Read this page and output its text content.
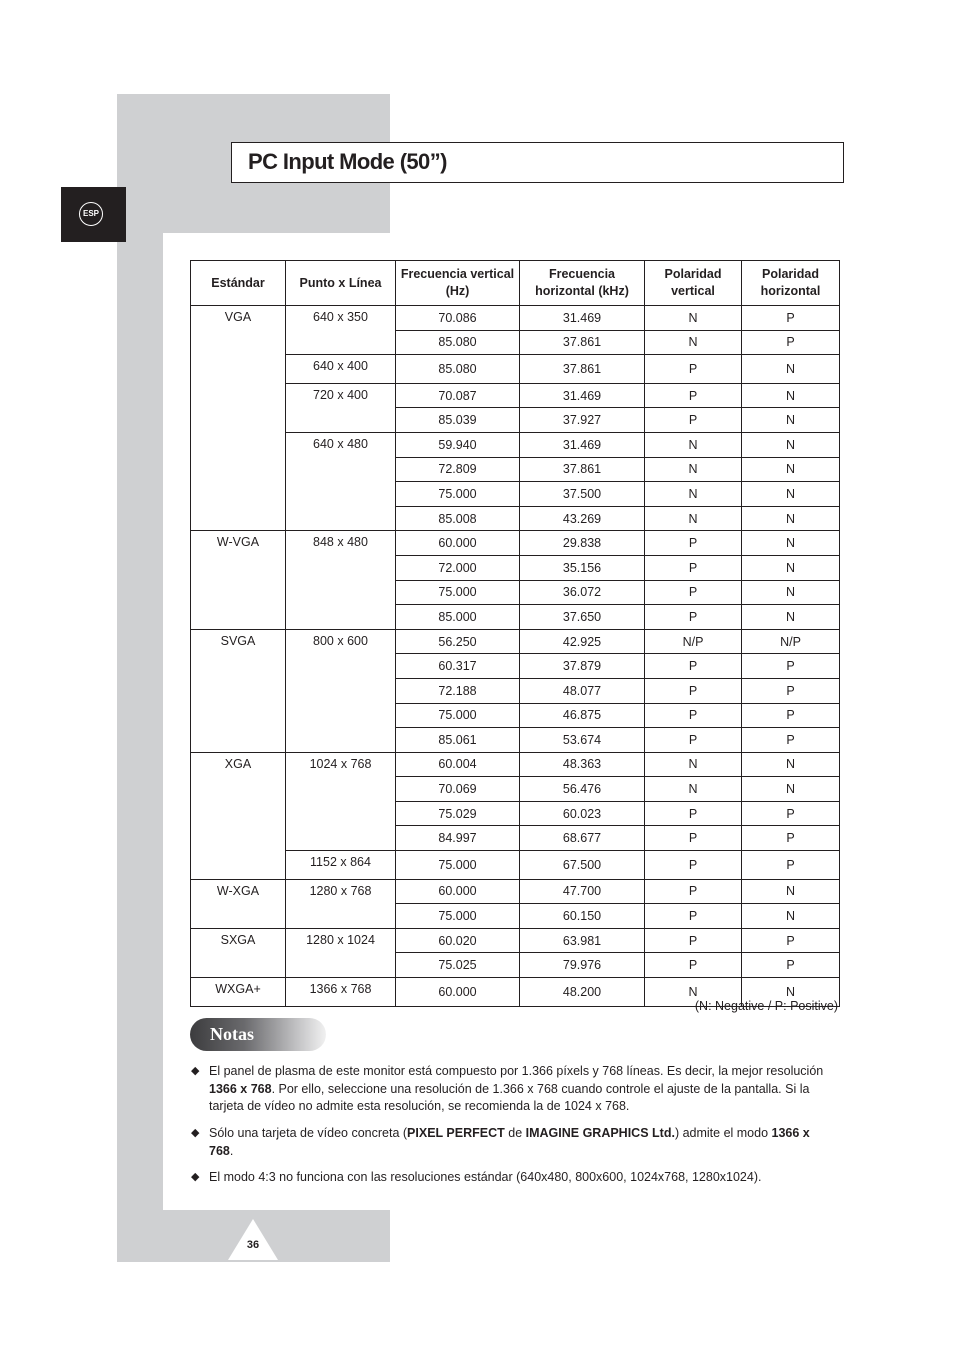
ESP
PC Input Mode (50”)
Estándar	Punto x Línea	Frecuencia vertical (Hz)	Frecuencia horizontal (kHz)	Polaridad vertical	Polaridad horizontal
VGA	640 x 350	70.086	31.469	N	P
		85.080	37.861	N	P
	640 x 400	85.080	37.861	P	N
	720 x 400	70.087	31.469	P	N
		85.039	37.927	P	N
	640 x 480	59.940	31.469	N	N
		72.809	37.861	N	N
		75.000	37.500	N	N
		85.008	43.269	N	N
W-VGA	848 x 480	60.000	29.838	P	N
		72.000	35.156	P	N
		75.000	36.072	P	N
		85.000	37.650	P	N
SVGA	800 x 600	56.250	42.925	N/P	N/P
		60.317	37.879	P	P
		72.188	48.077	P	P
		75.000	46.875	P	P
		85.061	53.674	P	P
XGA	1024 x 768	60.004	48.363	N	N
		70.069	56.476	N	N
		75.029	60.023	P	P
		84.997	68.677	P	P
	1152 x 864	75.000	67.500	P	P
W-XGA	1280 x 768	60.000	47.700	P	N
		75.000	60.150	P	N
SXGA	1280 x 1024	60.020	63.981	P	P
		75.025	79.976	P	P
WXGA+	1366 x 768	60.000	48.200	N	N
(N: Negative / P: Positive)
Notas
◆ El panel de plasma de este monitor está compuesto por 1.366 píxels y 768 líneas. Es decir, la mejor resolución 1366 x 768. Por ello, seleccione una resolución de 1.366 x 768 cuando controle el ajuste de la pantalla. Si la tarjeta de vídeo no admite esta resolución, se recomienda la de 1024 x 768.
◆ Sólo una tarjeta de vídeo concreta (PIXEL PERFECT de IMAGINE GRAPHICS Ltd.) admite el modo 1366 x 768.
◆ El modo 4:3 no funciona con las resoluciones estándar (640x480, 800x600, 1024x768, 1280x1024).
36
